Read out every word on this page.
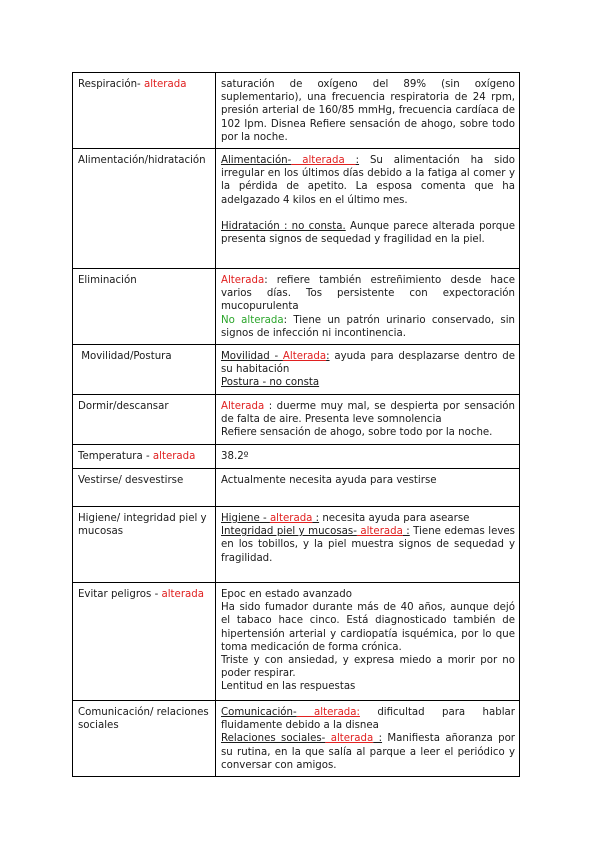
Respiración- alterada	saturación de oxígeno del 89% (sin oxígeno suplementario), una frecuencia respiratoria de 24 rpm, presión arterial de 160/85 mmHg, frecuencia cardíaca de 102 lpm. Disnea Refiere sensación de ahogo, sobre todo por la noche.

Alimentación/hidratación	Alimentación- alterada : Su alimentación ha sido irregular en los últimos días debido a la fatiga al comer y la pérdida de apetito. La esposa comenta que ha adelgazado 4 kilos en el último mes.

Hidratación : no consta. Aunque parece alterada porque presenta signos de sequedad y fragilidad en la piel.

Eliminación	Alterada: refiere también estreñimiento desde hace varios días. Tos persistente con expectoración mucopurulenta

No alterada: Tiene un patrón urinario conservado, sin signos de infección ni incontinencia.

Movilidad/Postura	Movilidad - Alterada: ayuda para desplazarse dentro de su habitación

Postura - no consta

Dormir/descansar	Alterada : duerme muy mal, se despierta por sensación de falta de aire. Presenta leve somnolencia

Refiere sensación de ahogo, sobre todo por la noche.

Temperatura - alterada	38.2º

Vestirse/ desvestirse	Actualmente necesita ayuda para vestirse

Higiene/ integridad piel y mucosas	Higiene - alterada : necesita ayuda para asearse

Integridad piel y mucosas- alterada : Tiene edemas leves en los tobillos, y la piel muestra signos de sequedad y fragilidad.

Evitar peligros - alterada	Epoc en estado avanzado

Ha sido fumador durante más de 40 años, aunque dejó el tabaco hace cinco. Está diagnosticado también de hipertensión arterial y cardiopatía isquémica, por lo que toma medicación de forma crónica.

Triste y con ansiedad, y expresa miedo a morir por no poder respirar.

Lentitud en las respuestas

Comunicación/ relaciones sociales	Comunicación- alterada: dificultad para hablar fluidamente debido a la disnea

Relaciones sociales- alterada : Manifiesta añoranza por su rutina, en la que salía al parque a leer el periódico y conversar con amigos.
